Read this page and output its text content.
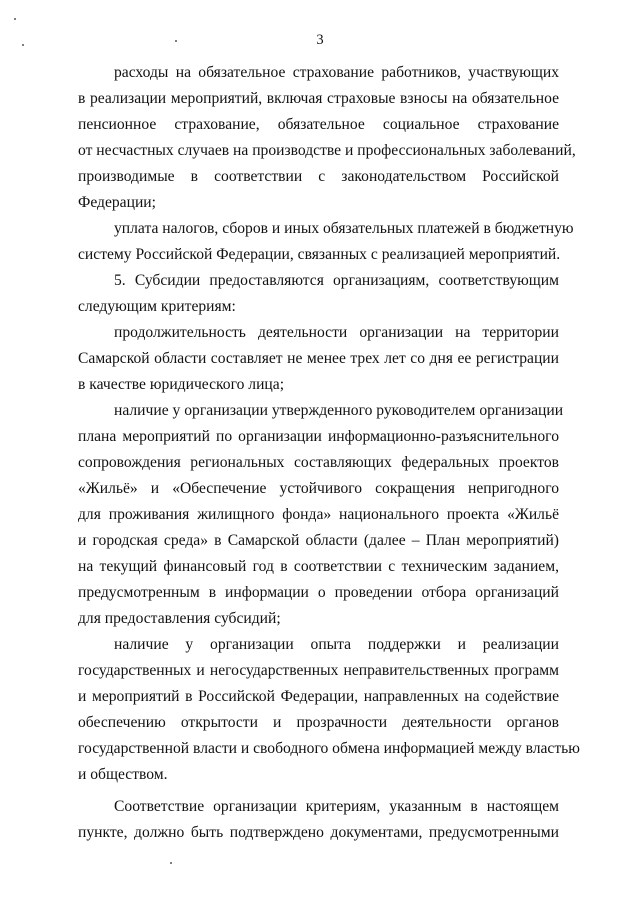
3
расходы на обязательное страхование работников, участвующих
в реализации мероприятий, включая страховые взносы на обязательное
пенсионное страхование, обязательное социальное страхование
от несчастных случаев на производстве и профессиональных заболеваний,
производимые в соответствии с законодательством Российской
Федерации;
уплата налогов, сборов и иных обязательных платежей в бюджетную
систему Российской Федерации, связанных с реализацией мероприятий.
5. Субсидии предоставляются организациям, соответствующим
следующим критериям:
продолжительность деятельности организации на территории
Самарской области составляет не менее трех лет со дня ее регистрации
в качестве юридического лица;
наличие у организации утвержденного руководителем организации
плана мероприятий по организации информационно-разъяснительного
сопровождения региональных составляющих федеральных проектов
«Жильё» и «Обеспечение устойчивого сокращения непригодного
для проживания жилищного фонда» национального проекта «Жильё
и городская среда» в Самарской области (далее – План мероприятий)
на текущий финансовый год в соответствии с техническим заданием,
предусмотренным в информации о проведении отбора организаций
для предоставления субсидий;
наличие у организации опыта поддержки и реализации
государственных и негосударственных неправительственных программ
и мероприятий в Российской Федерации, направленных на содействие
обеспечению открытости и прозрачности деятельности органов
государственной власти и свободного обмена информацией между властью
и обществом.
Соответствие организации критериям, указанным в настоящем
пункте, должно быть подтверждено документами, предусмотренными
